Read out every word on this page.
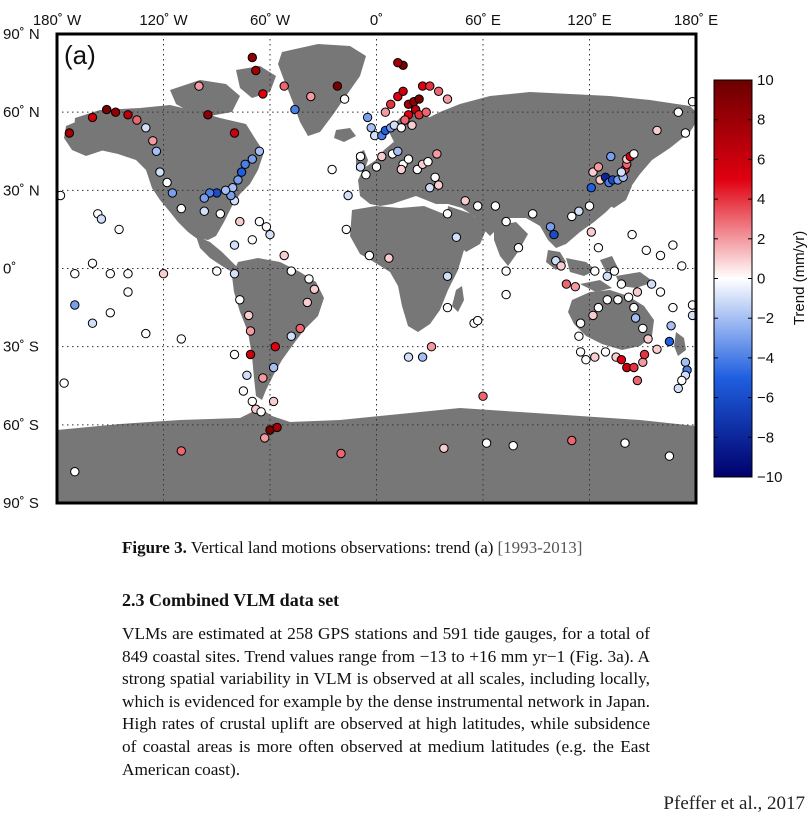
(a)
180˚ W	120˚ W	60˚ W	0˚	60˚ E	120˚ E	180˚ E
90˚ N
60˚ N
30˚ N
0˚
30˚ S
60˚ S
90˚ S
10
8
6
4
2
0
−2
−4
−6
−8
−10
Trend (mm/yr)
Figure 3. Vertical land motions observations: trend (a) [1993-2013]
2.3 Combined VLM data set
VLMs are estimated at 258 GPS stations and 591 tide gauges, for a total of 849 coastal sites. Trend values range from −13 to +16 mm yr−1 (Fig. 3a). A strong spatial variability in VLM is observed at all scales, including locally, which is evidenced for example by the dense instrumental network in Japan. High rates of crustal uplift are observed at high latitudes, while subsidence of coastal areas is more often observed at medium latitudes (e.g. the East American coast).
Pfeffer et al., 2017
